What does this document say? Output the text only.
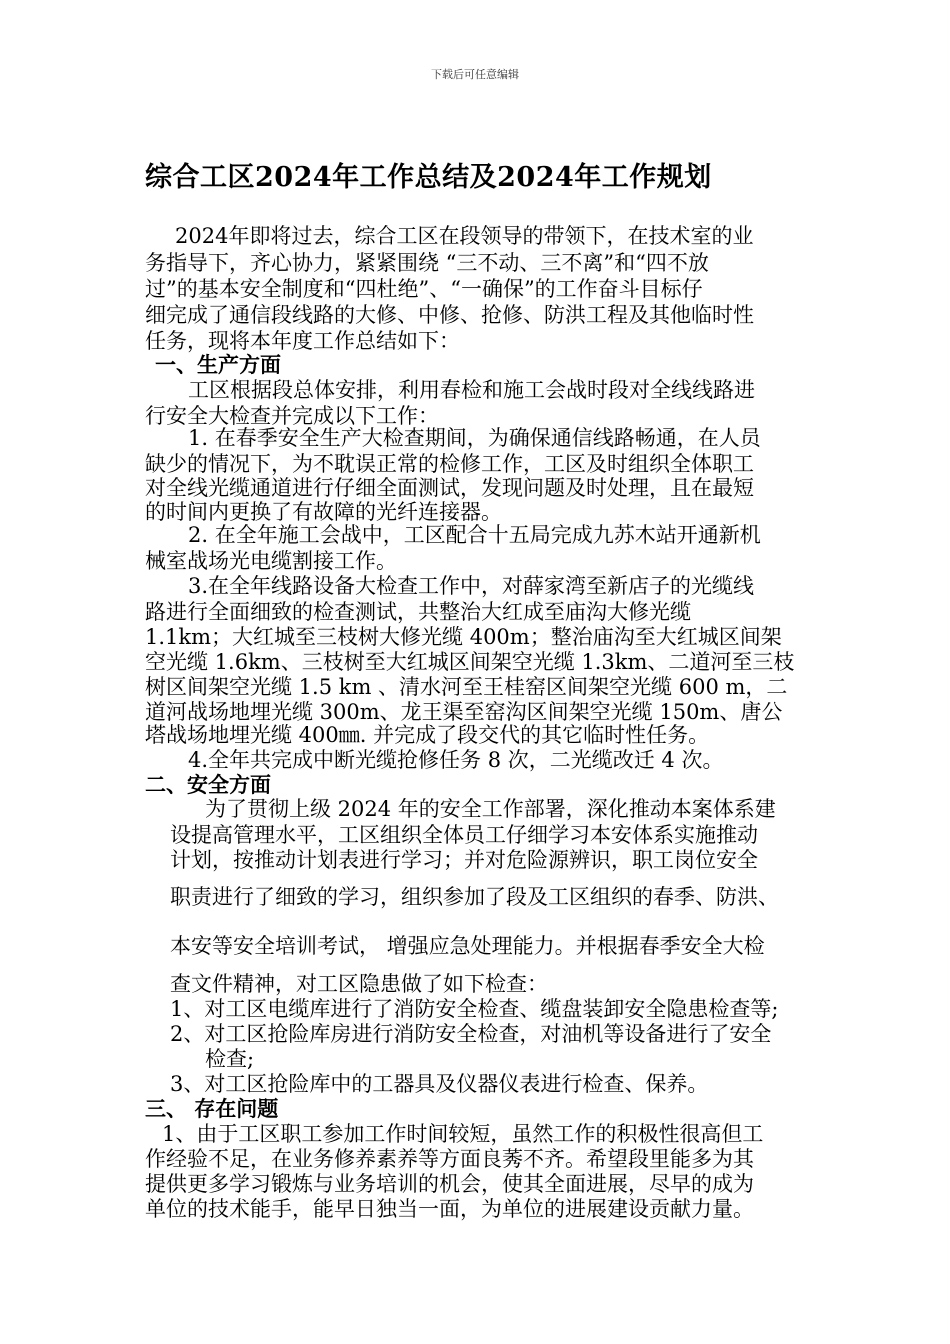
下载后可任意编辑
综合工区2024年工作总结及2024年工作规划
2024年即将过去，综合工区在段领导的带领下，在技术室的业
务指导下，齐心协力，紧紧围绕 “三不动、三不离”和“四不放
过”的基本安全制度和“四杜绝”、“一确保”的工作奋斗目标仔
细完成了通信段线路的大修、中修、抢修、防洪工程及其他临时性
任务，现将本年度工作总结如下：
一、生产方面
工区根据段总体安排，利用春检和施工会战时段对全线线路进
行安全大检查并完成以下工作：
1. 在春季安全生产大检查期间，为确保通信线路畅通，在人员
缺少的情况下，为不耽误正常的检修工作，工区及时组织全体职工
对全线光缆通道进行仔细全面测试，发现问题及时处理，且在最短
的时间内更换了有故障的光纤连接器。
2. 在全年施工会战中，工区配合十五局完成九苏木站开通新机
械室战场光电缆割接工作。
3.在全年线路设备大检查工作中，对薛家湾至新店子的光缆线
路进行全面细致的检查测试，共整治大红成至庙沟大修光缆
1.1km；大红城至三枝树大修光缆 400m；整治庙沟至大红城区间架
空光缆 1.6km、三枝树至大红城区间架空光缆 1.3km、二道河至三枝
树区间架空光缆 1.5 km 、清水河至王桂窑区间架空光缆 600 m，二
道河战场地埋光缆 300m、龙王渠至窑沟区间架空光缆 150m、唐公
塔战场地埋光缆 400㎜. 并完成了段交代的其它临时性任务。
4.全年共完成中断光缆抢修任务 8 次，二光缆改迁 4 次。
二、安全方面
为了贯彻上级 2024 年的安全工作部署，深化推动本案体系建
设提高管理水平，工区组织全体员工仔细学习本安体系实施推动
计划，按推动计划表进行学习；并对危险源辨识，职工岗位安全
职责进行了细致的学习，组织参加了段及工区组织的春季、防洪、
本安等安全培训考试， 增强应急处理能力。并根据春季安全大检
查文件精神，对工区隐患做了如下检查：
1、对工区电缆库进行了消防安全检查、缆盘装卸安全隐患检查等;
2、对工区抢险库房进行消防安全检查，对油机等设备进行了安全
检查;
3、对工区抢险库中的工器具及仪器仪表进行检查、保养。
三、 存在问题
1、由于工区职工参加工作时间较短，虽然工作的积极性很高但工
作经验不足，在业务修养素养等方面良莠不齐。希望段里能多为其
提供更多学习锻炼与业务培训的机会，使其全面进展，尽早的成为
单位的技术能手，能早日独当一面，为单位的进展建设贡献力量。
